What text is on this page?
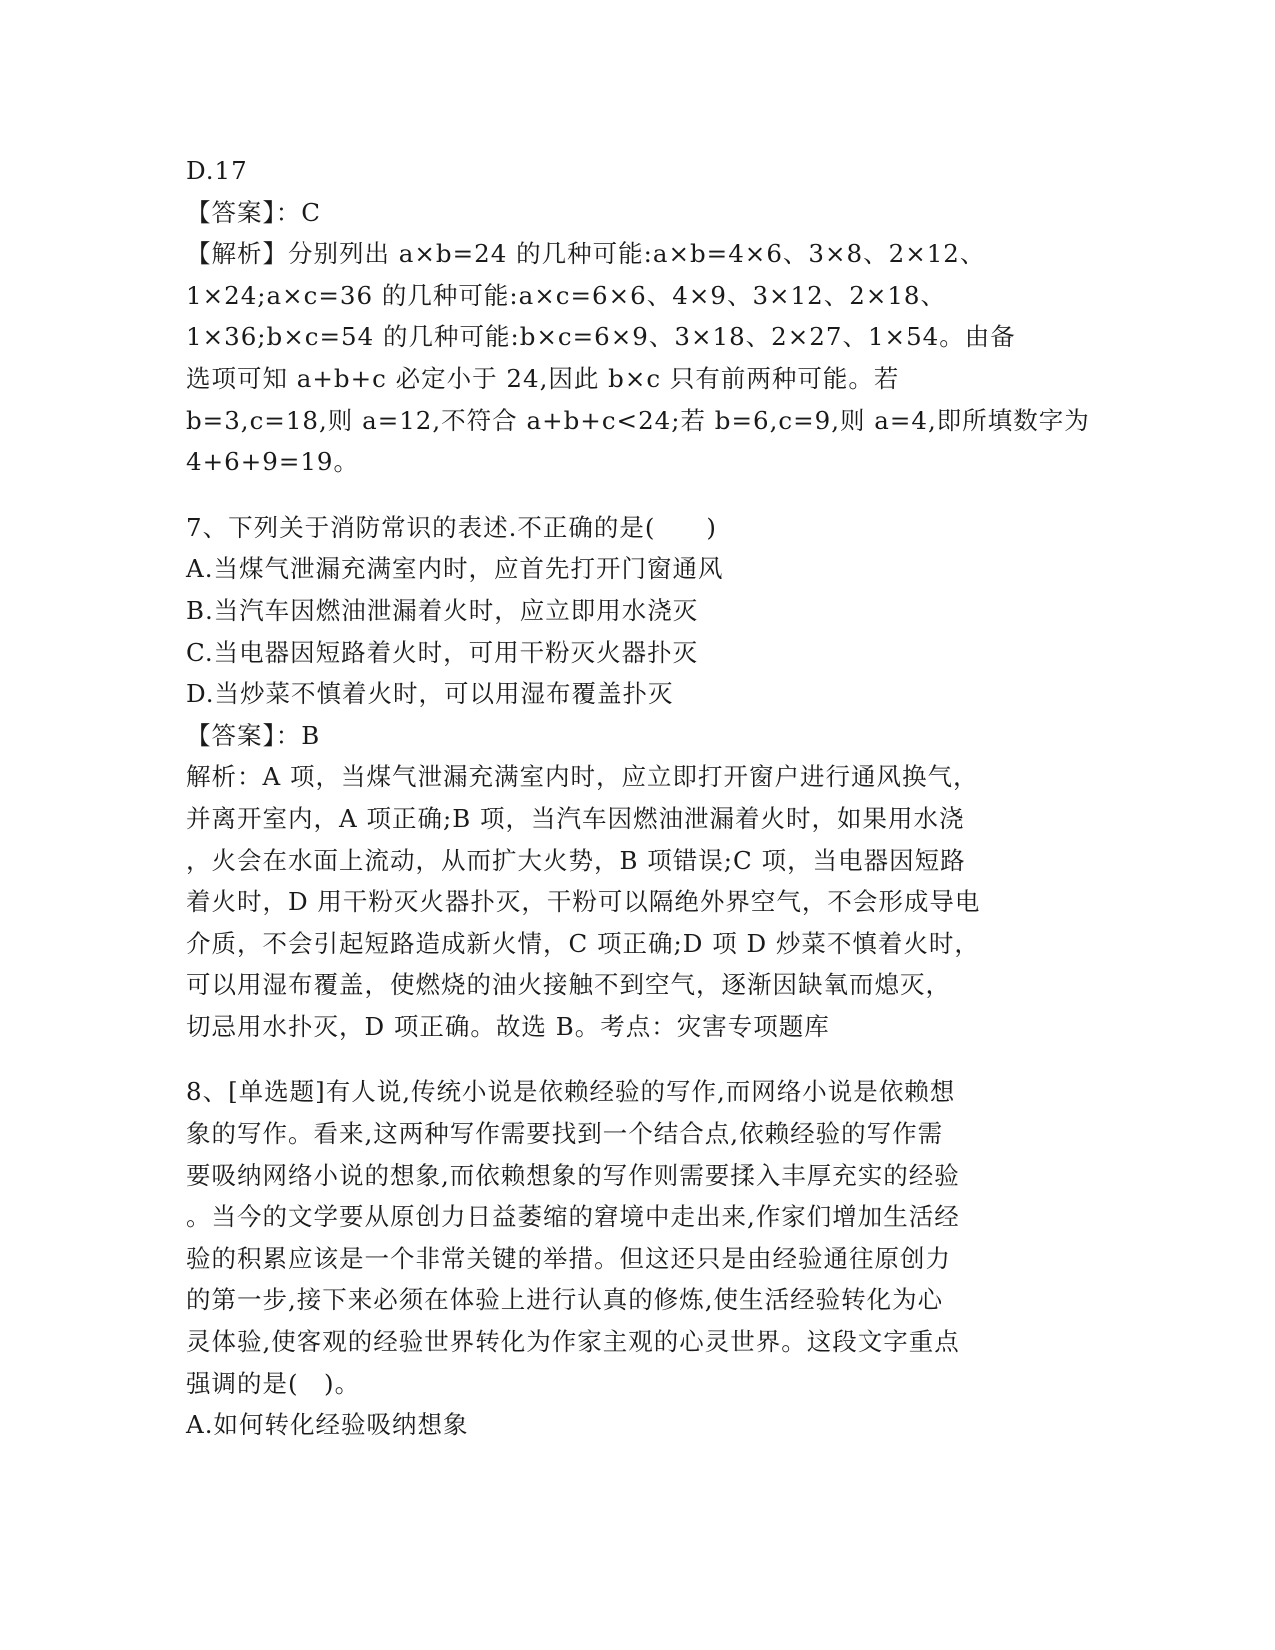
D.17
【答案】：C
【解析】分别列出 a×b=24 的几种可能:a×b=4×6、3×8、2×12、
1×24;a×c=36 的几种可能:a×c=6×6、4×9、3×12、2×18、
1×36;b×c=54 的几种可能:b×c=6×9、3×18、2×27、1×54。由备
选项可知 a+b+c 必定小于 24,因此 b×c 只有前两种可能。若
b=3,c=18,则 a=12,不符合 a+b+c<24;若 b=6,c=9,则 a=4,即所填数字为
4+6+9=19。
7、下列关于消防常识的表述.不正确的是(　　)
A.当煤气泄漏充满室内时，应首先打开门窗通风
B.当汽车因燃油泄漏着火时，应立即用水浇灭
C.当电器因短路着火时，可用干粉灭火器扑灭
D.当炒菜不慎着火时，可以用湿布覆盖扑灭
【答案】：B
解析：A 项，当煤气泄漏充满室内时，应立即打开窗户进行通风换气，
并离开室内，A 项正确;B 项，当汽车因燃油泄漏着火时，如果用水浇
，火会在水面上流动，从而扩大火势，B 项错误;C 项，当电器因短路
着火时，D 用干粉灭火器扑灭，干粉可以隔绝外界空气，不会形成导电
介质，不会引起短路造成新火情，C 项正确;D 项 D 炒菜不慎着火时，
可以用湿布覆盖，使燃烧的油火接触不到空气，逐渐因缺氧而熄灭，
切忌用水扑灭，D 项正确。故选 B。考点：灾害专项题库
8、[单选题]有人说,传统小说是依赖经验的写作,而网络小说是依赖想
象的写作。看来,这两种写作需要找到一个结合点,依赖经验的写作需
要吸纳网络小说的想象,而依赖想象的写作则需要揉入丰厚充实的经验
。当今的文学要从原创力日益萎缩的窘境中走出来,作家们增加生活经
验的积累应该是一个非常关键的举措。但这还只是由经验通往原创力
的第一步,接下来必须在体验上进行认真的修炼,使生活经验转化为心
灵体验,使客观的经验世界转化为作家主观的心灵世界。这段文字重点
强调的是(　)。
A.如何转化经验吸纳想象
